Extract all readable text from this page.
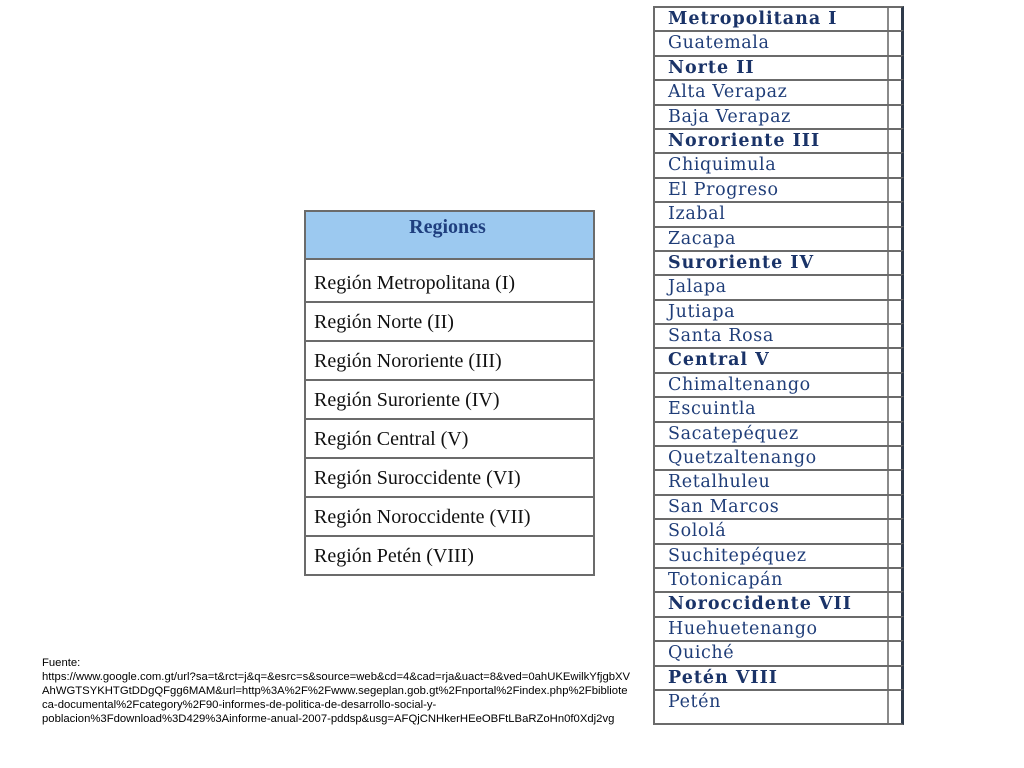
Regiones
Región Metropolitana (I)
Región Norte (II)
Región Nororiente (III)
Región Suroriente (IV)
Región Central (V)
Región Suroccidente (VI)
Región Noroccidente (VII)
Región Petén (VIII)
Metropolitana I
Guatemala
Norte II
Alta Verapaz
Baja Verapaz
Nororiente III
Chiquimula
El Progreso
Izabal
Zacapa
Suroriente IV
Jalapa
Jutiapa
Santa Rosa
Central V
Chimaltenango
Escuintla
Sacatepéquez
Quetzaltenango
Retalhuleu
San Marcos
Sololá
Suchitepéquez
Totonicapán
Noroccidente VII
Huehuetenango
Quiché
Petén VIII
Petén
Fuente:
https://www.google.com.gt/url?sa=t&rct=j&q=&esrc=s&source=web&cd=4&cad=rja&uact=8&ved=0ahUKEwilkYfjgbXV
AhWGTSYKHTGtDDgQFgg6MAM&url=http%3A%2F%2Fwww.segeplan.gob.gt%2Fnportal%2Findex.php%2Fbibliote
ca-documental%2Fcategory%2F90-informes-de-politica-de-desarrollo-social-y-
poblacion%3Fdownload%3D429%3Ainforme-anual-2007-pddsp&usg=AFQjCNHkerHEeOBFtLBaRZoHn0f0Xdj2vg
